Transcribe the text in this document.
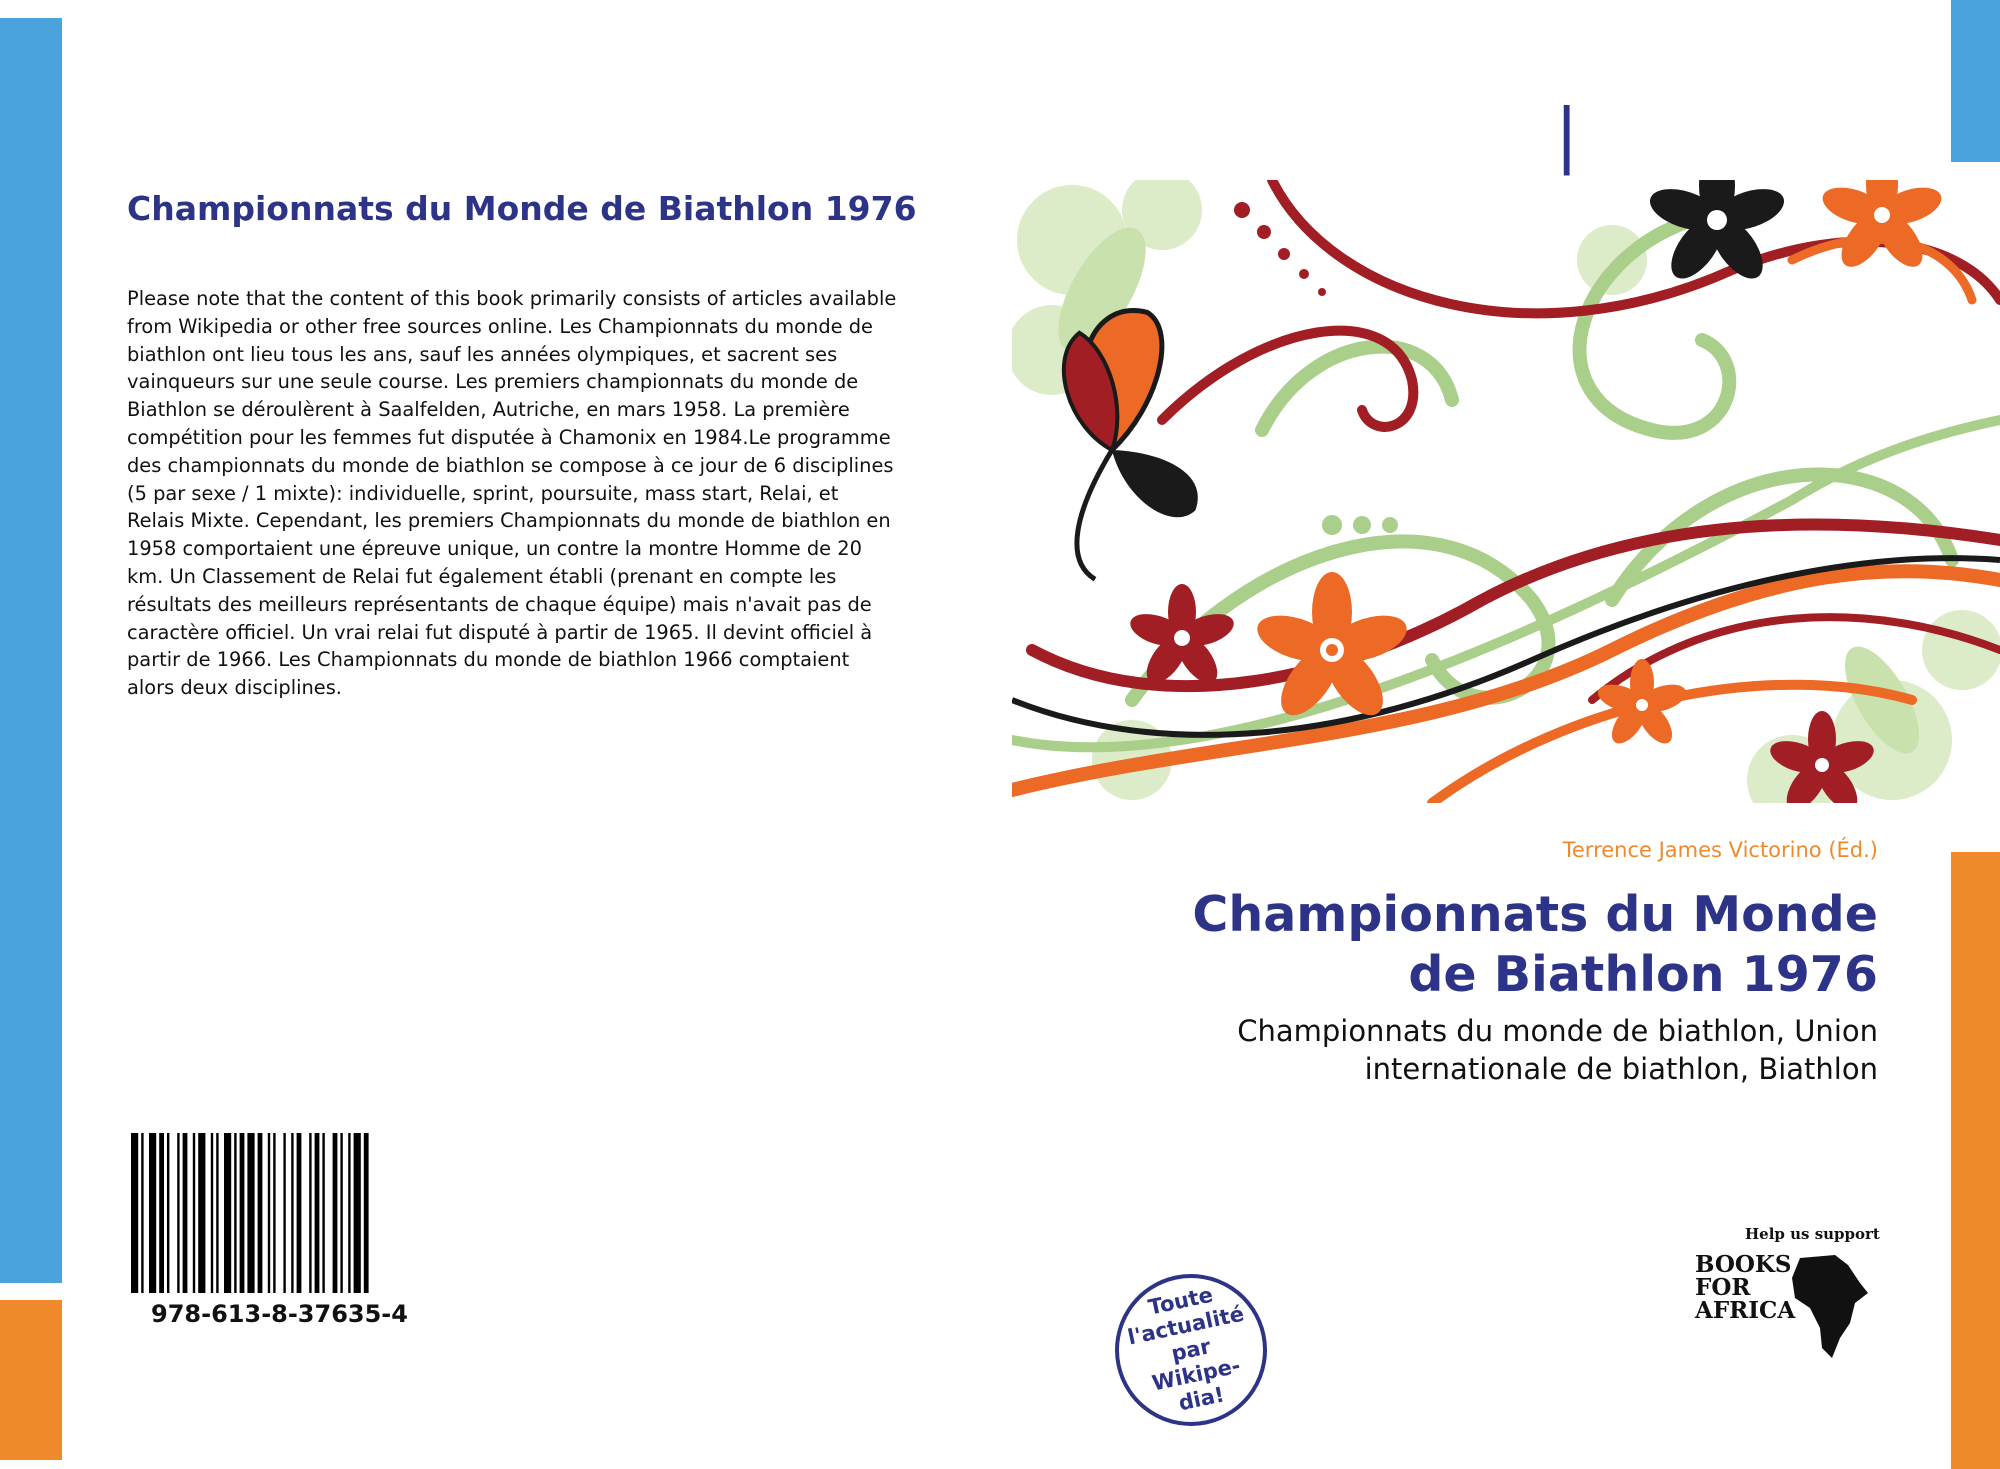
Championnats du Monde de Biathlon 1976

Please note that the content of this book primarily consists of articles available from Wikipedia or other free sources online. Les Championnats du monde de biathlon ont lieu tous les ans, sauf les années olympiques, et sacrent ses vainqueurs sur une seule course. Les premiers championnats du monde de Biathlon se déroulèrent à Saalfelden, Autriche, en mars 1958. La première compétition pour les femmes fut disputée à Chamonix en 1984.Le programme des championnats du monde de biathlon se compose à ce jour de 6 disciplines (5 par sexe / 1 mixte): individuelle, sprint, poursuite, mass start, Relai, et Relais Mixte. Cependant, les premiers Championnats du monde de biathlon en 1958 comportaient une épreuve unique, un contre la montre Homme de 20 km. Un Classement de Relai fut également établi (prenant en compte les résultats des meilleurs représentants de chaque équipe) mais n'avait pas de caractère officiel. Un vrai relai fut disputé à partir de 1965. Il devint officiel à partir de 1966. Les Championnats du monde de biathlon 1966 comptaient alors deux disciplines.

978-613-8-37635-4
LOG|PRESS
Terrence James Victorino (Éd.)
Championnats du Monde de Biathlon 1976

Championnats du monde de biathlon, Union internationale de biathlon, Biathlon

Toute l'actualité par Wikipe-dia!
Help us support
BOOKS
FOR
AFRICA
